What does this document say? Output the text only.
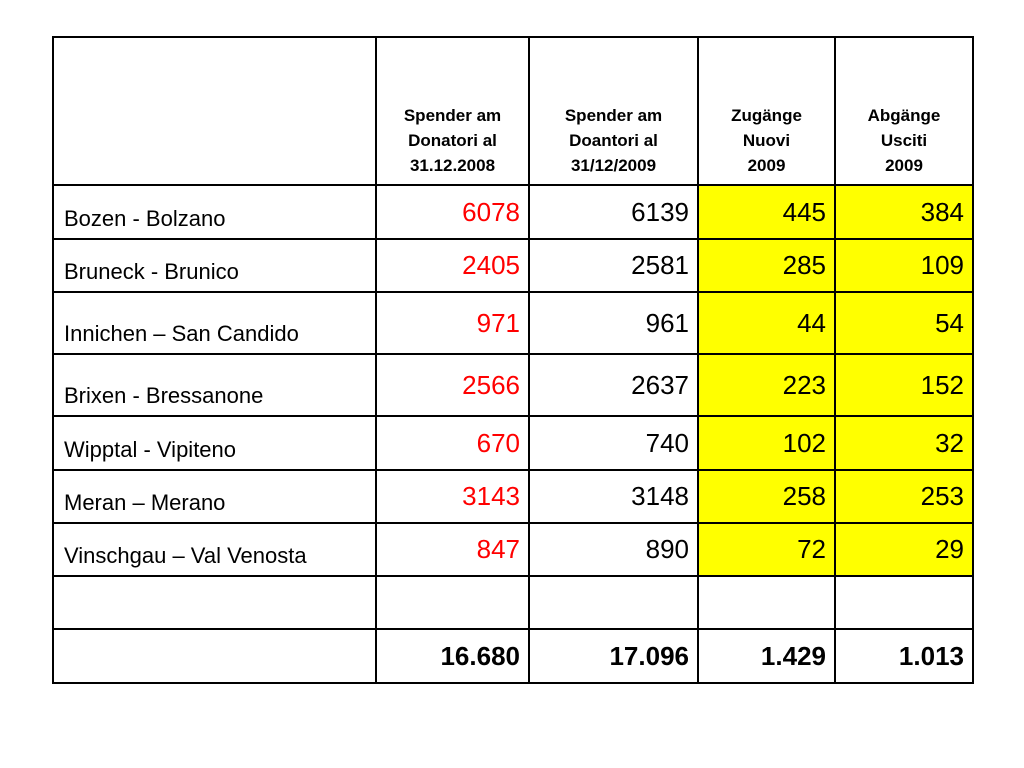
	Spender am
Donatori al
31.12.2008	Spender am
Doantori al
31/12/2009	Zugänge
Nuovi
2009	Abgänge
Usciti
2009

Bozen - Bolzano	6078	6139	445	384
Bruneck - Brunico	2405	2581	285	109
Innichen – San Candido	971	961	44	54
Brixen - Bressanone	2566	2637	223	152
Wipptal - Vipiteno	670	740	102	32
Meran – Merano	3143	3148	258	253
Vinschgau – Val Venosta	847	890	72	29

	16.680	17.096	1.429	1.013
